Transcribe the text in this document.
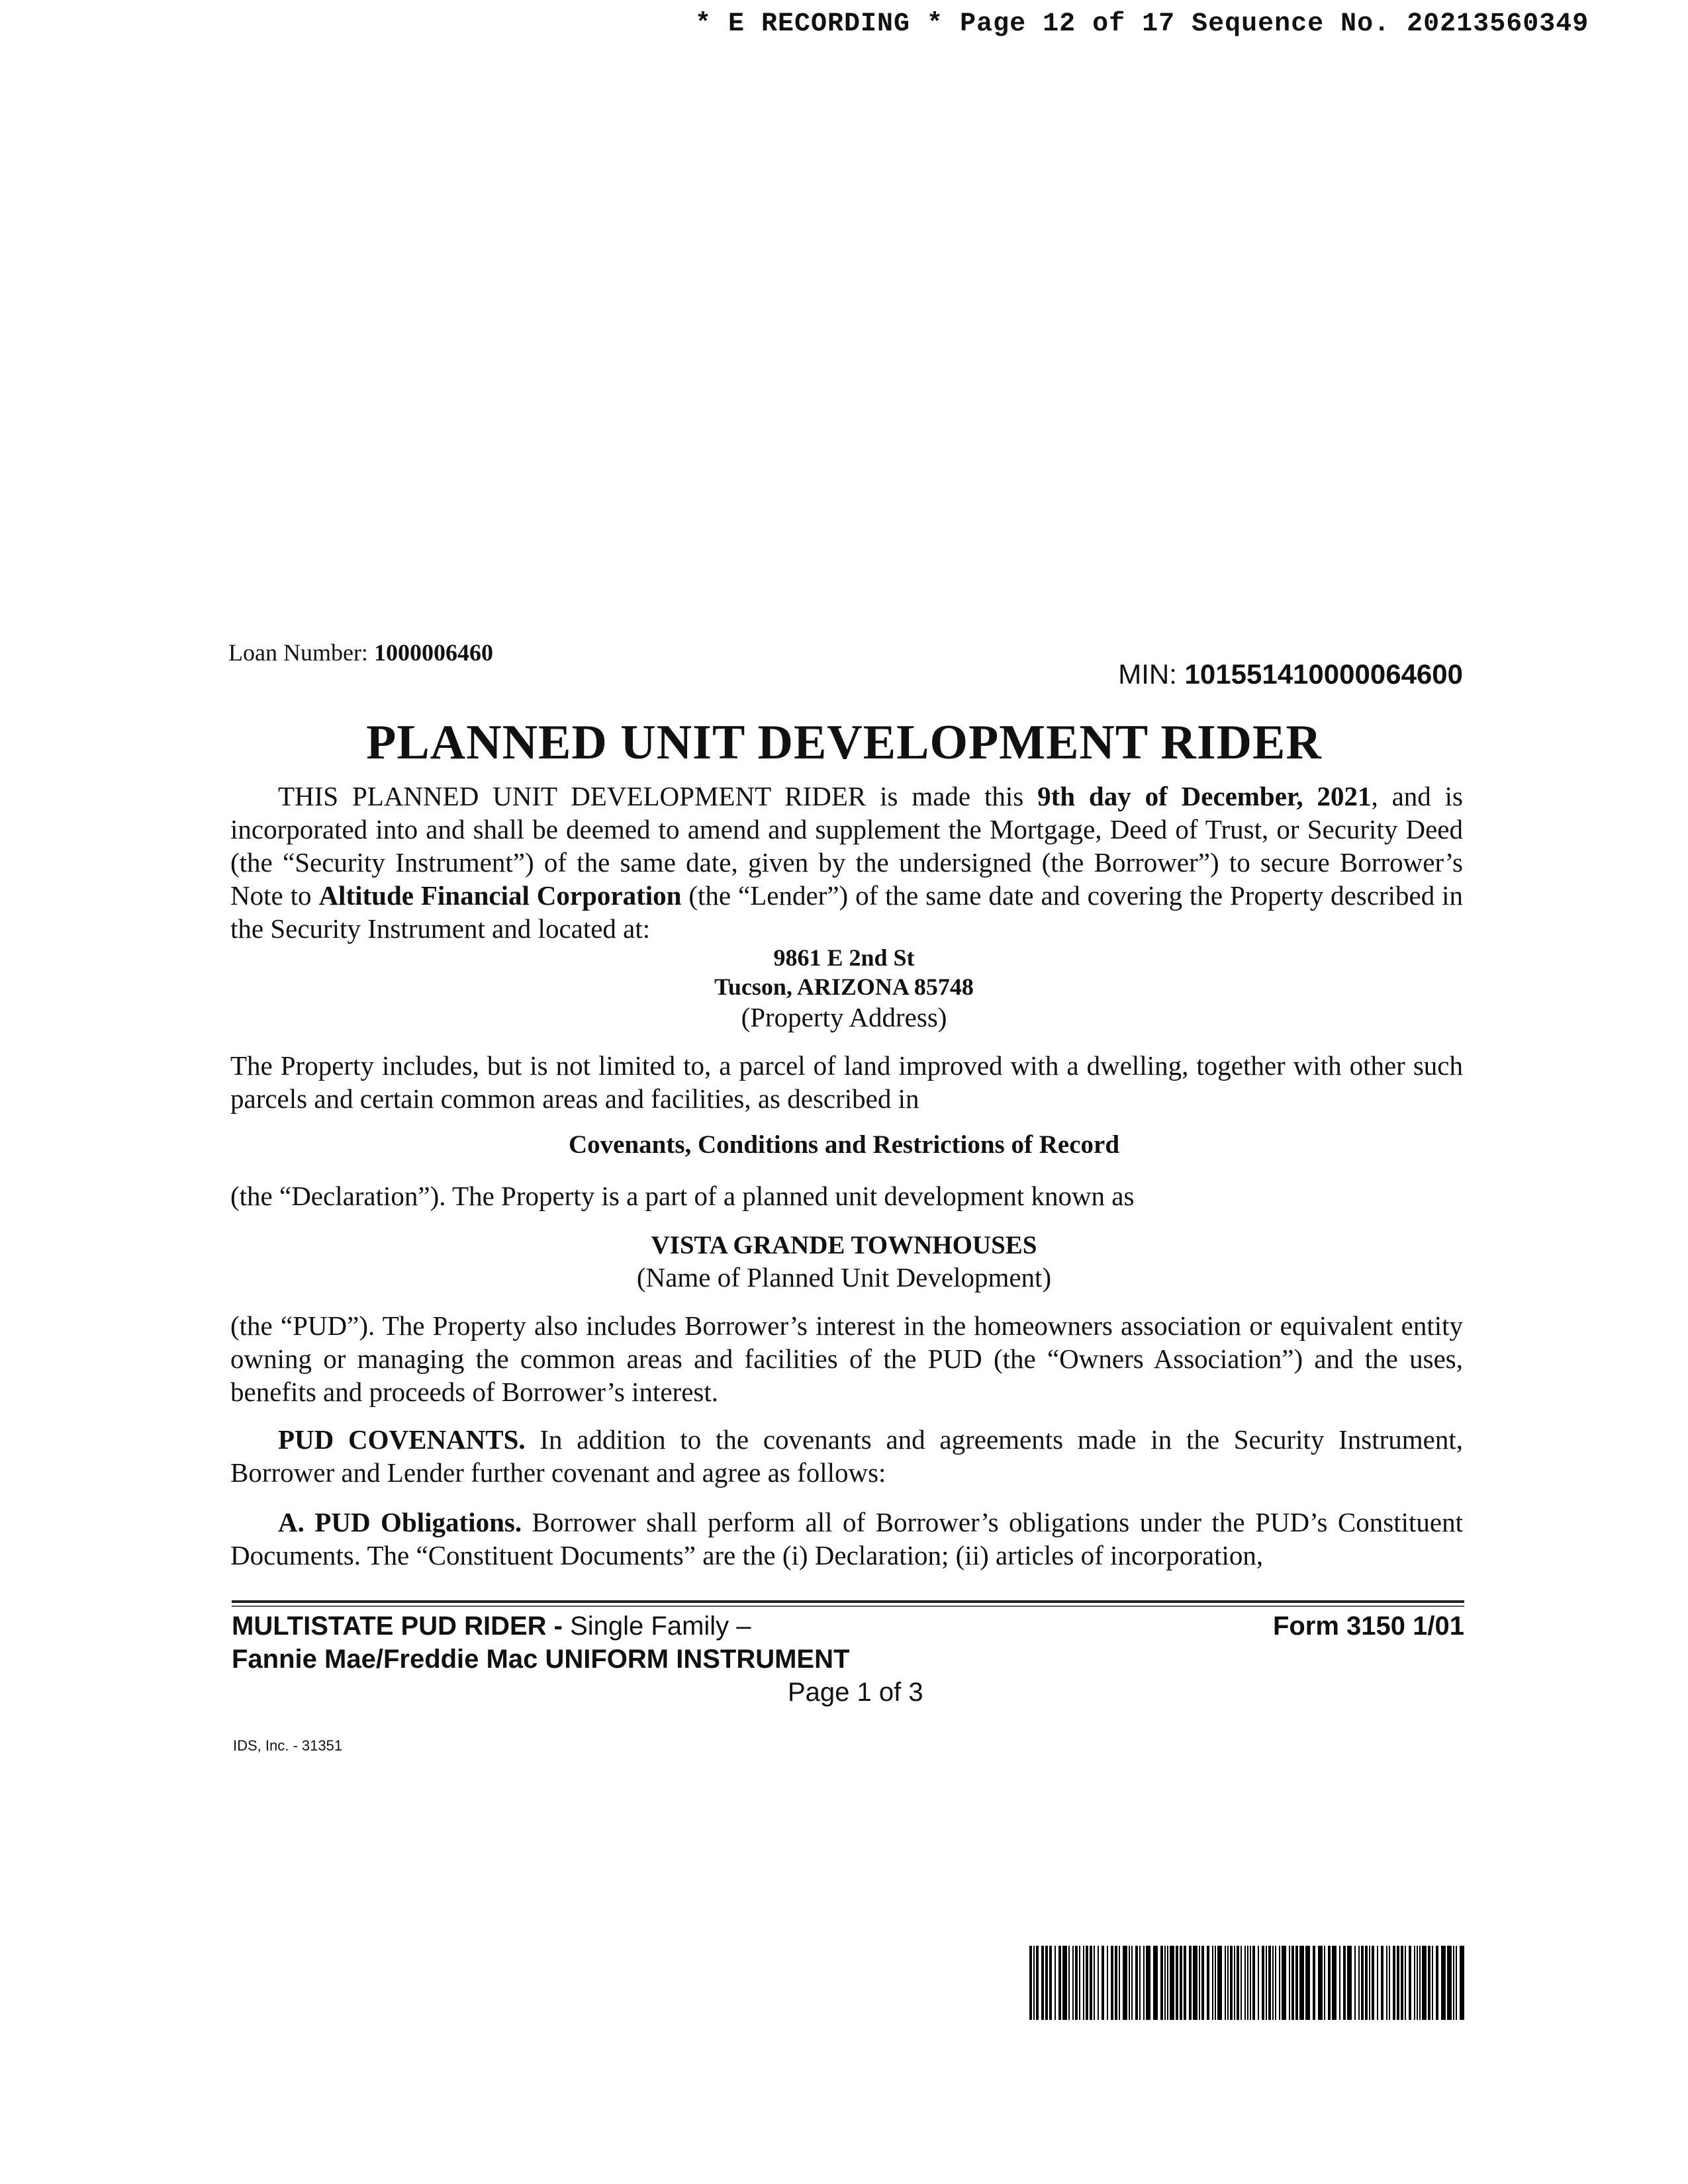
* E RECORDING * Page 12 of 17 Sequence No. 20213560349
Loan Number: 1000006460
MIN: 101551410000064600
PLANNED UNIT DEVELOPMENT RIDER
THIS PLANNED UNIT DEVELOPMENT RIDER is made this 9th day of December, 2021, and is incorporated into and shall be deemed to amend and supplement the Mortgage, Deed of Trust, or Security Deed (the “Security Instrument”) of the same date, given by the undersigned (the Borrower”) to secure Borrower’s Note to Altitude Financial Corporation (the “Lender”) of the same date and covering the Property described in the Security Instrument and located at:
9861 E 2nd St
Tucson, ARIZONA 85748
(Property Address)
The Property includes, but is not limited to, a parcel of land improved with a dwelling, together with other such parcels and certain common areas and facilities, as described in
Covenants, Conditions and Restrictions of Record
(the “Declaration”). The Property is a part of a planned unit development known as
VISTA GRANDE TOWNHOUSES
(Name of Planned Unit Development)
(the “PUD”). The Property also includes Borrower’s interest in the homeowners association or equivalent entity owning or managing the common areas and facilities of the PUD (the “Owners Association”) and the uses, benefits and proceeds of Borrower’s interest.
PUD COVENANTS. In addition to the covenants and agreements made in the Security Instrument, Borrower and Lender further covenant and agree as follows:
A. PUD Obligations. Borrower shall perform all of Borrower’s obligations under the PUD’s Constituent Documents. The “Constituent Documents” are the (i) Declaration; (ii) articles of incorporation,
MULTISTATE PUD RIDER - Single Family –
Fannie Mae/Freddie Mac UNIFORM INSTRUMENT
Form 3150 1/01
Page 1 of 3
IDS, Inc. - 31351
